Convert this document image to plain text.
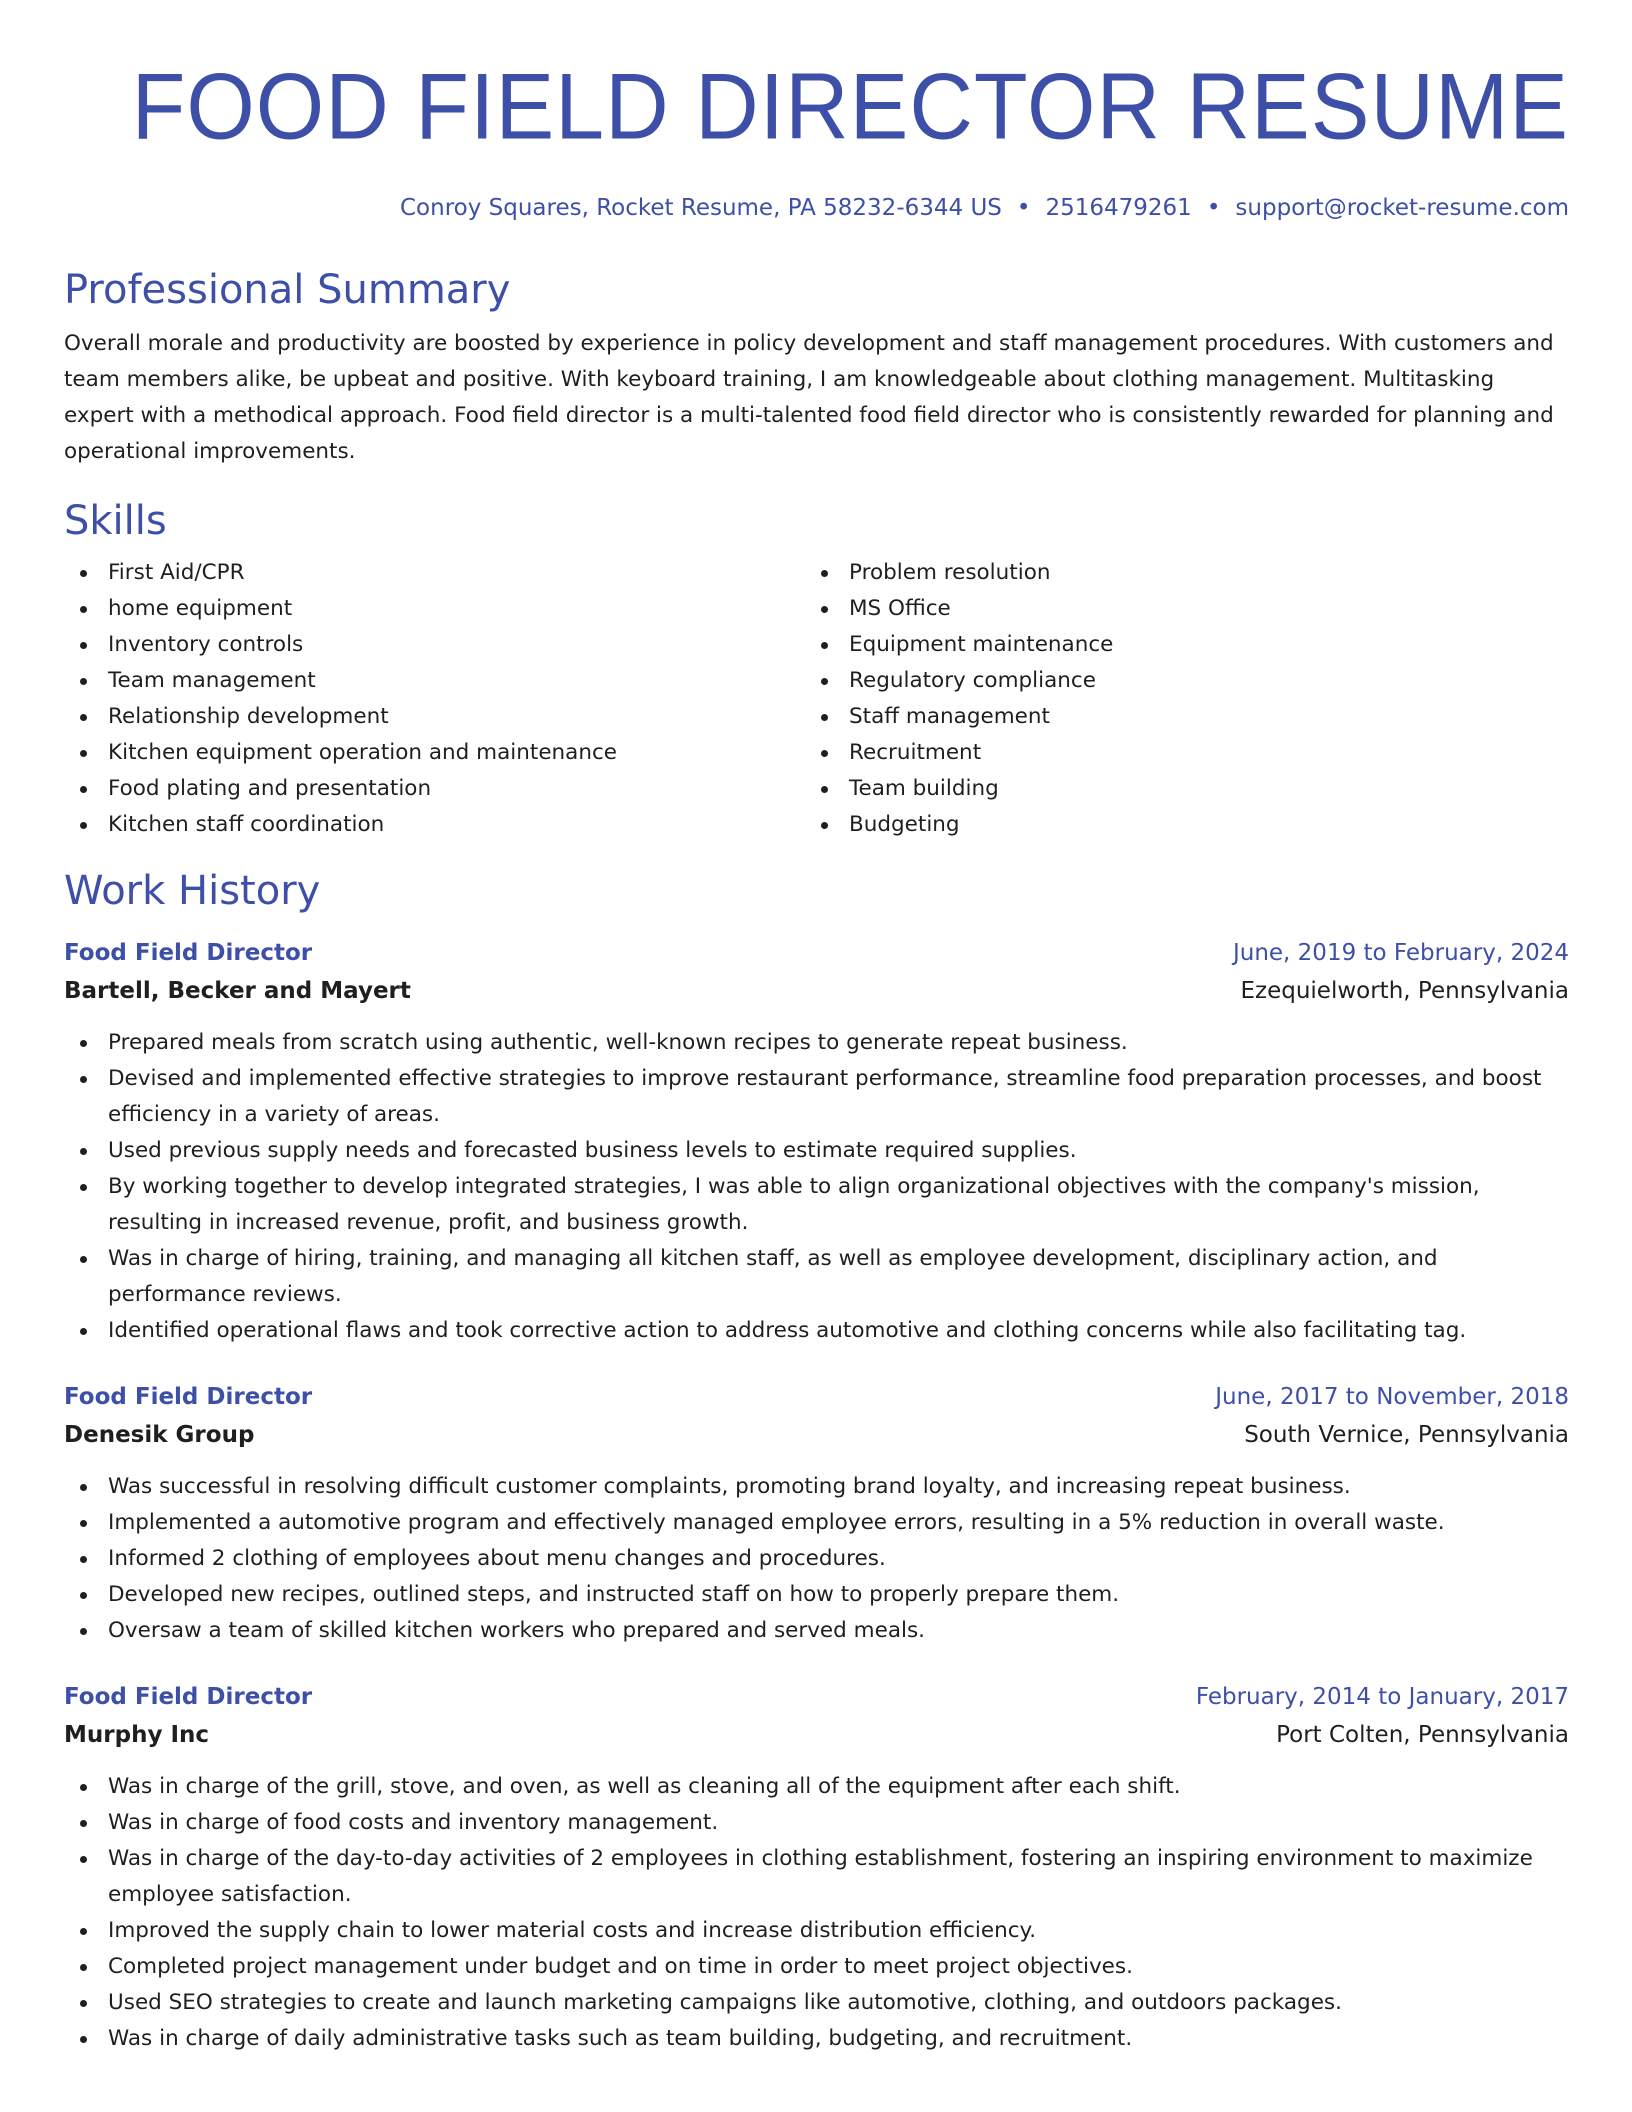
FOOD FIELD DIRECTOR RESUME
Conroy Squares, Rocket Resume, PA 58232-6344 US • 2516479261 • support@rocket-resume.com
Professional Summary

Overall morale and productivity are boosted by experience in policy development and staff management procedures. With customers and team members alike, be upbeat and positive. With keyboard training, I am knowledgeable about clothing management. Multitasking expert with a methodical approach. Food field director is a multi-talented food field director who is consistently rewarded for planning and operational improvements.

Skills
First Aid/CPR
home equipment
Inventory controls
Team management
Relationship development
Kitchen equipment operation and maintenance
Food plating and presentation
Kitchen staff coordination
Problem resolution
MS Office
Equipment maintenance
Regulatory compliance
Staff management
Recruitment
Team building
Budgeting
Work History
Food Field Director	June, 2019 to February, 2024
Bartell, Becker and Mayert	Ezequielworth, Pennsylvania
Prepared meals from scratch using authentic, well-known recipes to generate repeat business.
Devised and implemented effective strategies to improve restaurant performance, streamline food preparation processes, and boost efficiency in a variety of areas.
Used previous supply needs and forecasted business levels to estimate required supplies.
By working together to develop integrated strategies, I was able to align organizational objectives with the company's mission, resulting in increased revenue, profit, and business growth.
Was in charge of hiring, training, and managing all kitchen staff, as well as employee development, disciplinary action, and performance reviews.
Identified operational flaws and took corrective action to address automotive and clothing concerns while also facilitating tag.
Food Field Director	June, 2017 to November, 2018
Denesik Group	South Vernice, Pennsylvania
Was successful in resolving difficult customer complaints, promoting brand loyalty, and increasing repeat business.
Implemented a automotive program and effectively managed employee errors, resulting in a 5% reduction in overall waste.
Informed 2 clothing of employees about menu changes and procedures.
Developed new recipes, outlined steps, and instructed staff on how to properly prepare them.
Oversaw a team of skilled kitchen workers who prepared and served meals.
Food Field Director	February, 2014 to January, 2017
Murphy Inc	Port Colten, Pennsylvania
Was in charge of the grill, stove, and oven, as well as cleaning all of the equipment after each shift.
Was in charge of food costs and inventory management.
Was in charge of the day-to-day activities of 2 employees in clothing establishment, fostering an inspiring environment to maximize employee satisfaction.
Improved the supply chain to lower material costs and increase distribution efficiency.
Completed project management under budget and on time in order to meet project objectives.
Used SEO strategies to create and launch marketing campaigns like automotive, clothing, and outdoors packages.
Was in charge of daily administrative tasks such as team building, budgeting, and recruitment.
